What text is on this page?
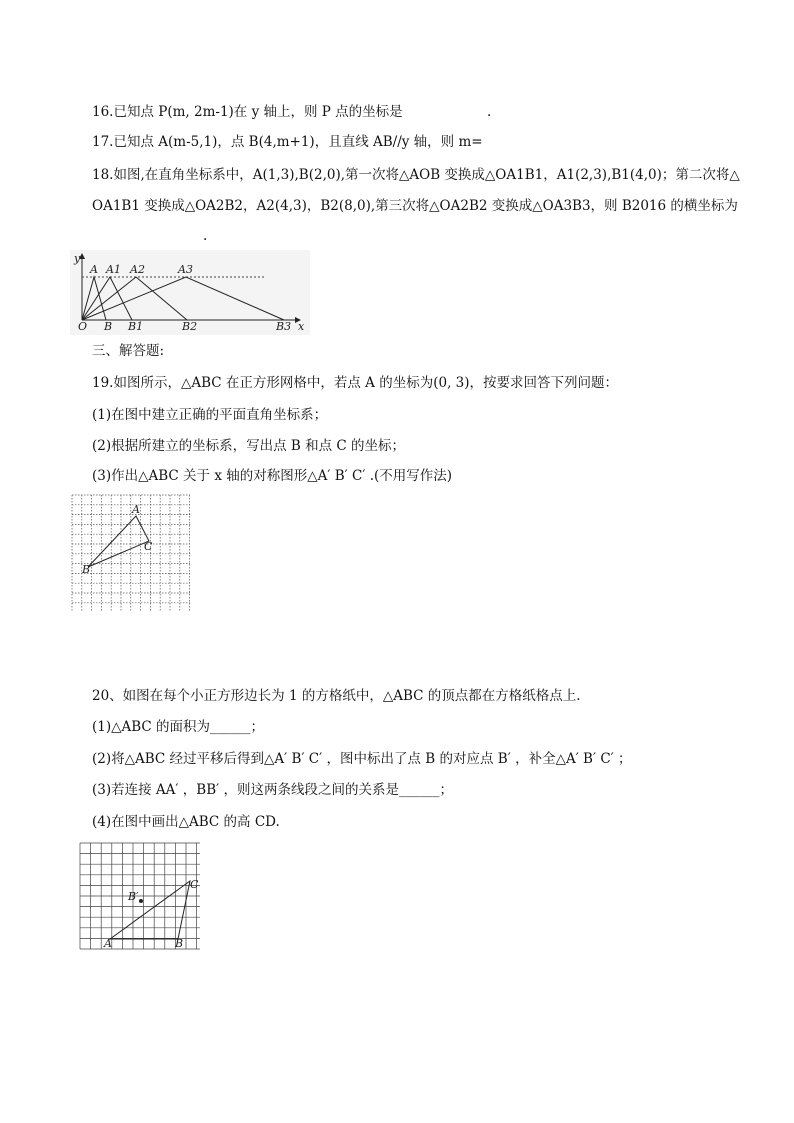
16.已知点 P(m, 2m-1)在 y 轴上，则 P 点的坐标是	.
17.已知点 A(m-5,1)，点 B(4,m+1)，且直线 AB//y 轴，则 m=
18.如图,在直角坐标系中，A(1,3),B(2,0),第一次将△AOB 变换成△OA1B1，A1(2,3),B1(4,0)；第二次将△
OA1B1 变换成△OA2B2，A2(4,3)，B2(8,0),第三次将△OA2B2 变换成△OA3B3，则 B2016 的横坐标为
.
y
x
O
A A1 A2	A3
B B1	B2	B3
三、解答题:
19.如图所示，△ABC 在正方形网格中，若点 A 的坐标为(0, 3)，按要求回答下列问题：
(1)在图中建立正确的平面直角坐标系；
(2)根据所建立的坐标系，写出点 B 和点 C 的坐标；
(3)作出△ABC 关于 x 轴的对称图形△A′ B′ C′ .(不用写作法)
A
B
C
20、如图在每个小正方形边长为 1 的方格纸中，△ABC 的顶点都在方格纸格点上.
(1)△ABC 的面积为______；
(2)将△ABC 经过平移后得到△A′ B′ C′ ，图中标出了点 B 的对应点 B′ ，补全△A′ B′ C′ ；
(3)若连接 AA′ ，BB′ ，则这两条线段之间的关系是______；
(4)在图中画出△ABC 的高 CD.
A	B
C
B′
